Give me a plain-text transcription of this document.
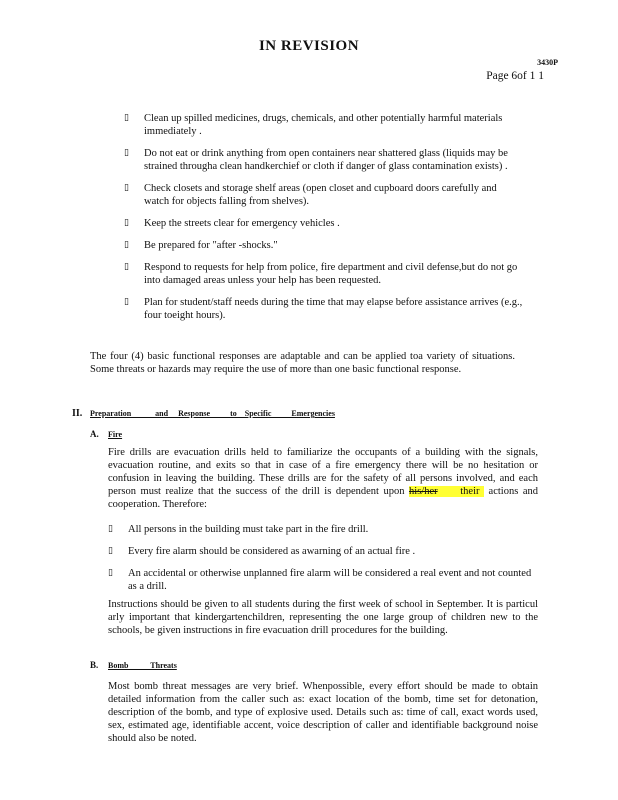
IN REVISION
3430P
Page 6of 1 1
▯ Clean up spilled medicines, drugs, chemicals, and other potentially harmful materials immediately .
▯ Do not eat or drink anything from open containers near shattered glass (liquids may be strained througha clean handkerchief or cloth if danger of glass contamination exists) .
▯ Check closets and storage shelf areas (open closet and cupboard doors carefully and watch for objects falling from shelves).
▯ Keep the streets clear for emergency vehicles .
▯ Be prepared for "after -shocks."
▯ Respond to requests for help from police, fire department and civil defense,but do not go into damaged areas unless your help has been requested.
▯ Plan for student/staff needs during the time that may elapse before assistance arrives (e.g., four toeight hours).
The four (4) basic functional responses are adaptable and can be applied toa variety of situations. Some threats or hazards may require the use of more than one basic functional response.
II. Preparation            and     Response          to    Specific          Emergencies
A. Fire
Fire drills are evacuation drills held to familiarize the occupants of a building with the signals, evacuation routine, and exits so that in case of a fire emergency there will be no hesitation or confusion in leaving the building. These drills are for the safety of all persons involved, and each person must realize that the success of the drill is dependent upon his/her     their  actions and cooperation. Therefore:
▯ All persons in the building must take part in the fire drill.
▯ Every fire alarm should be considered as awarning of an actual fire .
▯ An accidental or otherwise unplanned fire alarm will be considered a real event and not counted as a drill.
Instructions should be given to all students during the first week of school in September. It is particul arly important that kindergartenchildren, representing the one large group of children new to the schools, be given instructions in fire evacuation drill procedures for the building.
B. Bomb           Threats
Most bomb threat messages are very brief. Whenpossible, every effort should be made to obtain detailed information from the caller such as: exact location of the bomb, time set for detonation, description of the bomb, and type of explosive used. Details such as: time of call, exact words used, sex, estimated age, identifiable accent, voice description of caller and identifiable background noise should also be noted.
